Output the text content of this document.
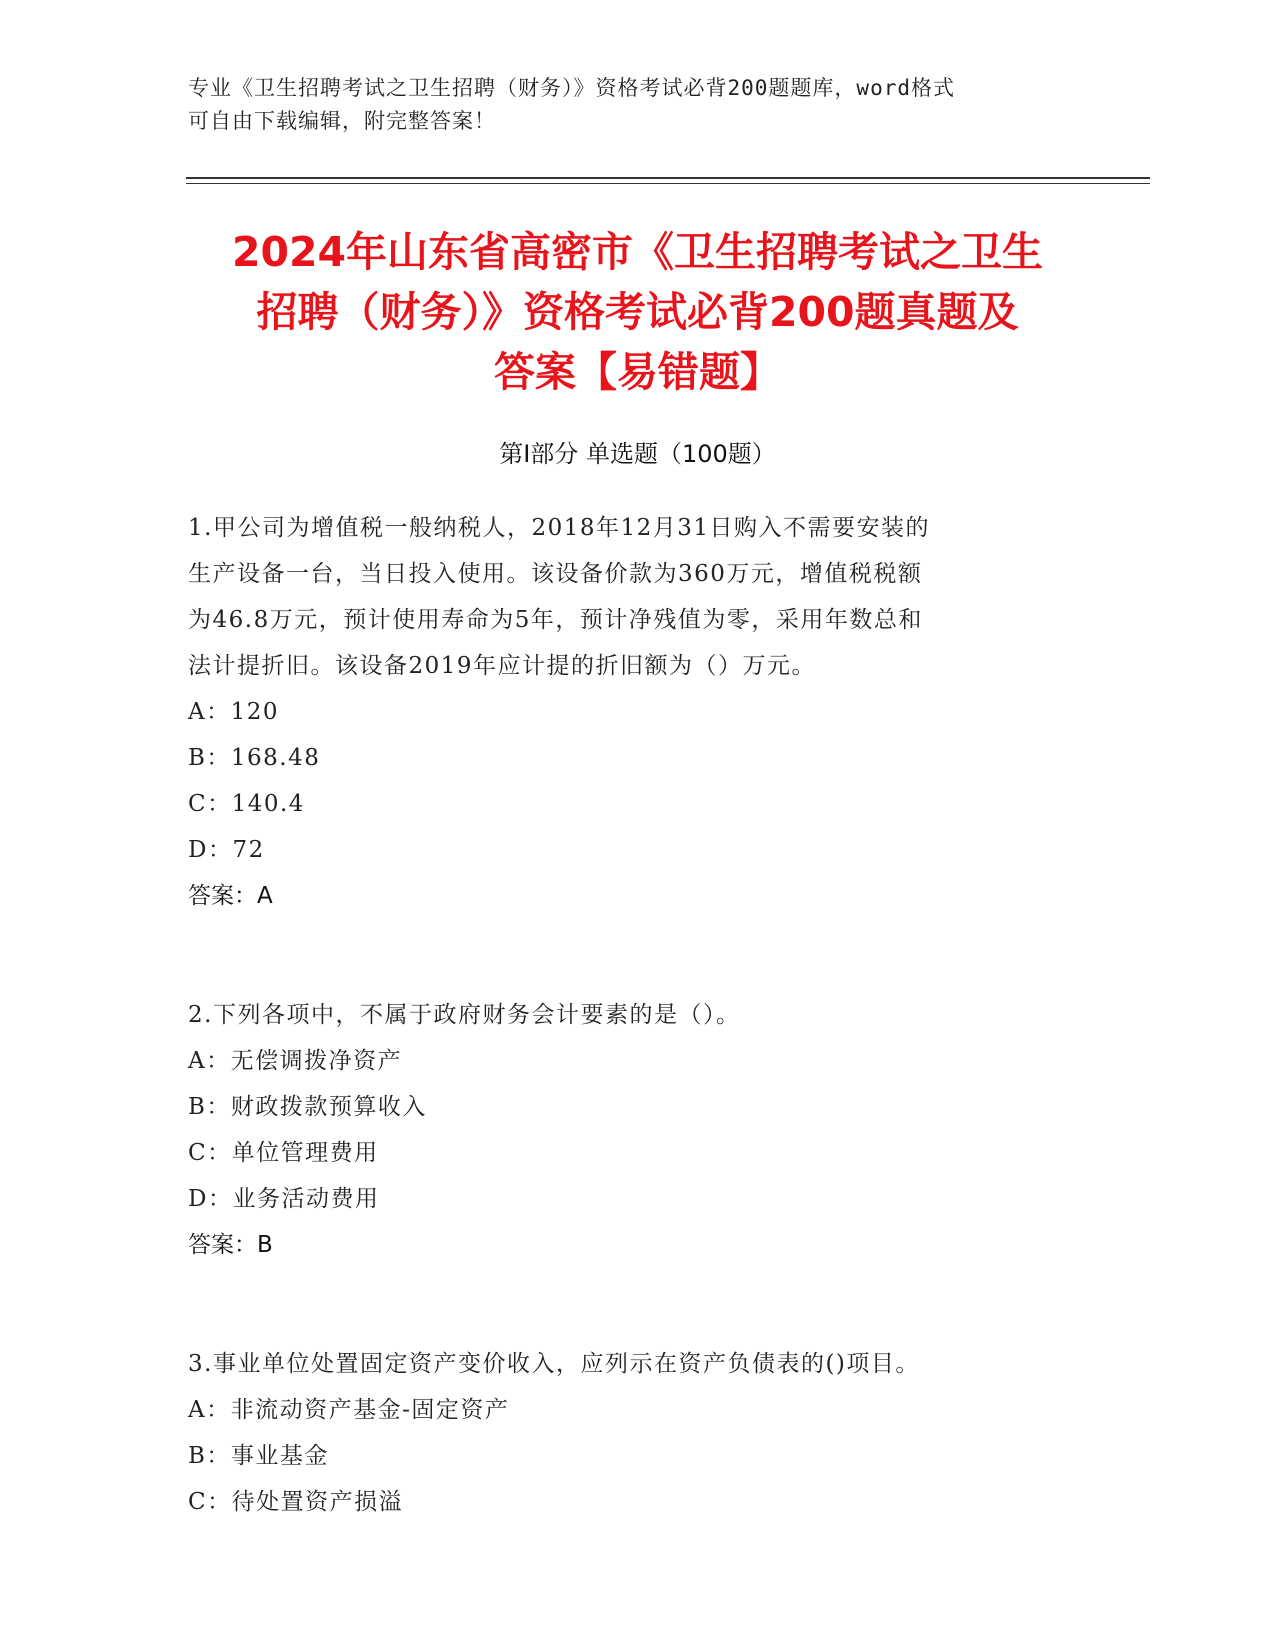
专业《卫生招聘考试之卫生招聘（财务）》资格考试必背200题题库，word格式
可自由下载编辑，附完整答案！
2024年山东省高密市《卫生招聘考试之卫生
招聘（财务）》资格考试必背200题真题及
答案【易错题】
第Ⅰ部分 单选题（100题）
1.甲公司为增值税一般纳税人，2018年12月31日购入不需要安装的
生产设备一台，当日投入使用。该设备价款为360万元，增值税税额
为46.8万元，预计使用寿命为5年，预计净残值为零，采用年数总和
法计提折旧。该设备2019年应计提的折旧额为（）万元。
A：120
B：168.48
C：140.4
D：72
答案：A
2.下列各项中，不属于政府财务会计要素的是（）。
A：无偿调拨净资产
B：财政拨款预算收入
C：单位管理费用
D：业务活动费用
答案：B
3.事业单位处置固定资产变价收入，应列示在资产负债表的()项目。
A：非流动资产基金-固定资产
B：事业基金
C：待处置资产损溢
